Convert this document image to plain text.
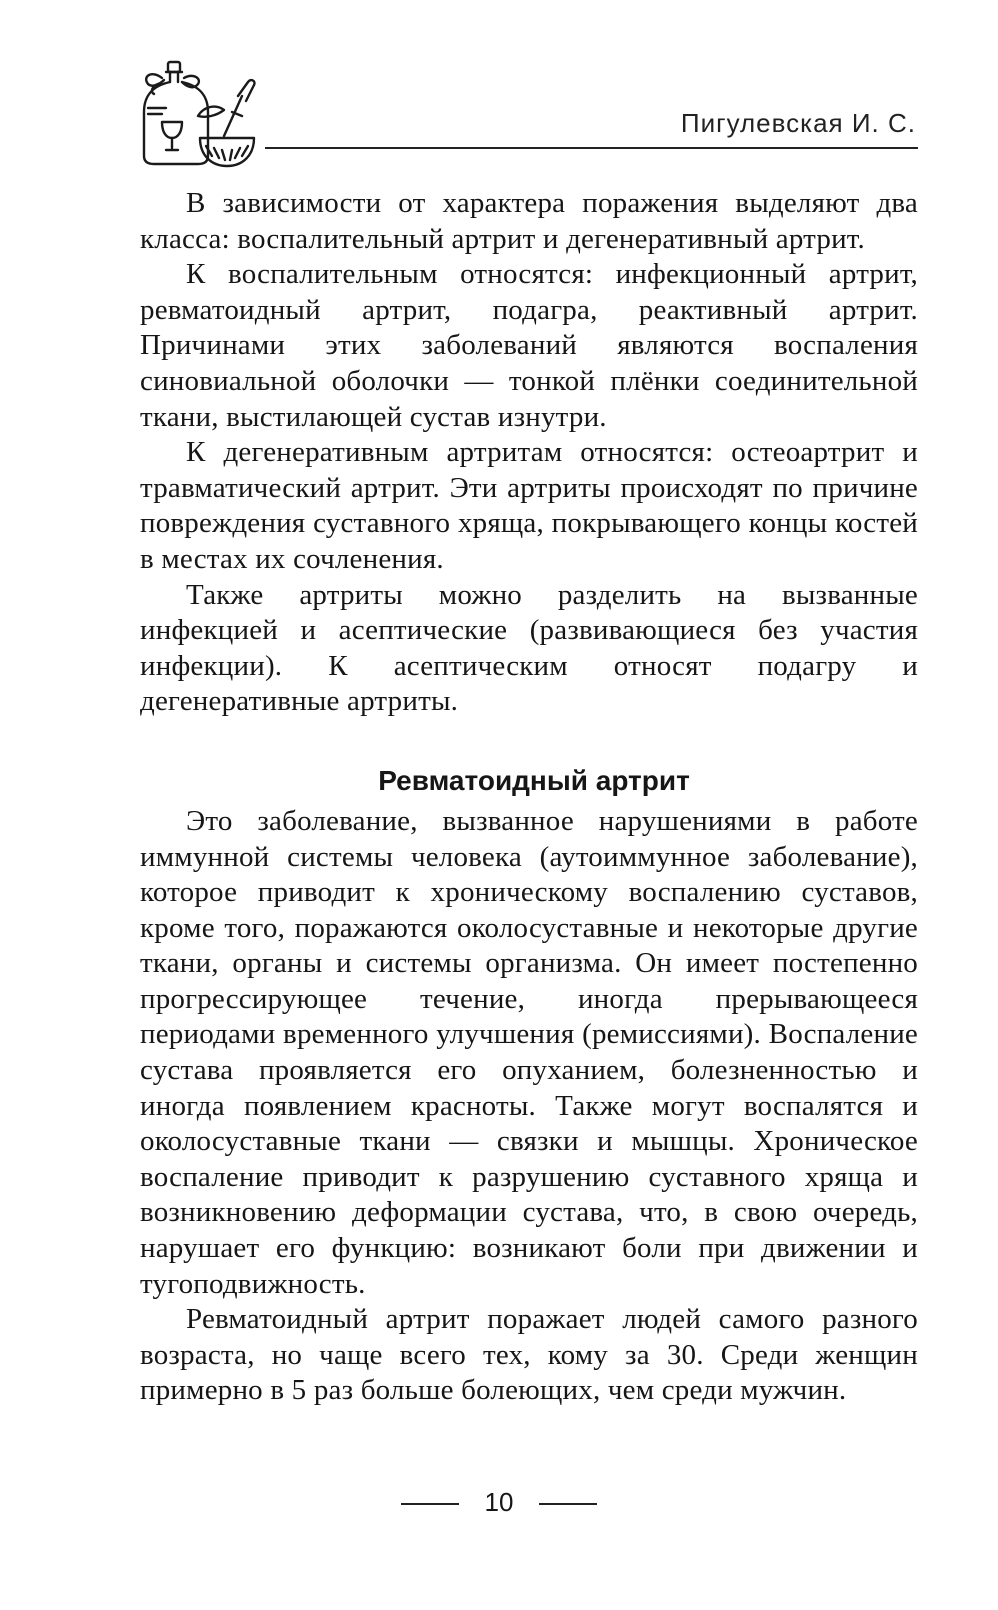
Пигулевская И. С.

В зависимости от характера поражения выделяют два класса: воспалительный артрит и дегенеративный артрит.

К воспалительным относятся: инфекционный артрит, ревматоидный артрит, подагра, реактивный артрит. Причинами этих заболеваний являются воспаления синовиальной оболочки — тонкой плёнки соединительной ткани, выстилающей сустав изнутри.

К дегенеративным артритам относятся: остеоартрит и травматический артрит. Эти артриты происходят по причине повреждения суставного хряща, покрывающего концы костей в местах их сочленения.

Также артриты можно разделить на вызванные инфекцией и асептические (развивающиеся без участия инфекции). К асептическим относят подагру и дегенеративные артриты.

Ревматоидный артрит

Это заболевание, вызванное нарушениями в работе иммунной системы человека (аутоиммунное заболевание), которое приводит к хроническому воспалению суставов, кроме того, поражаются околосуставные и некоторые другие ткани, органы и системы организма. Он имеет постепенно прогрессирующее течение, иногда прерывающееся периодами временного улучшения (ремиссиями). Воспаление сустава проявляется его опуханием, болезненностью и иногда появлением красноты. Также могут воспалятся и околосуставные ткани — связки и мышцы. Хроническое воспаление приводит к разрушению суставного хряща и возникновению деформации сустава, что, в свою очередь, нарушает его функцию: возникают боли при движении и тугоподвижность.

Ревматоидный артрит поражает людей самого разного возраста, но чаще всего тех, кому за 30. Среди женщин примерно в 5 раз больше болеющих, чем среди мужчин.

10
